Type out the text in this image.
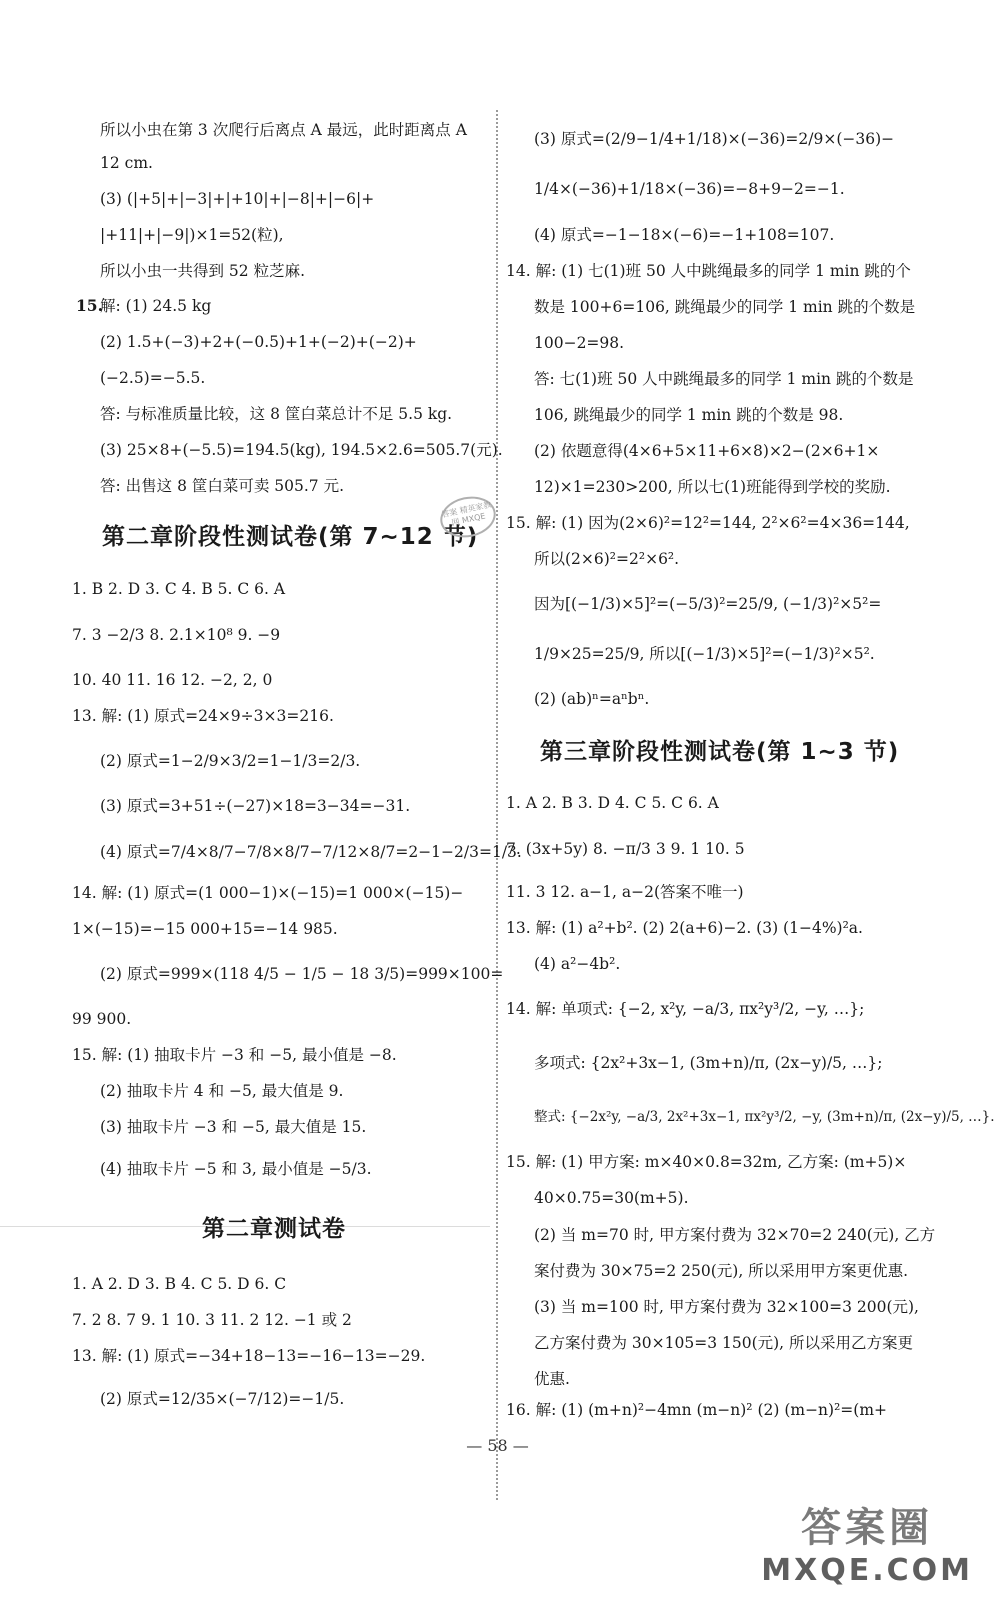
所以小虫在第 3 次爬行后离点 A 最远，此时距离点 A
12 cm.
(3) (|+5|+|−3|+|+10|+|−8|+|−6|+
|+11|+|−9|)×1=52(粒),
所以小虫一共得到 52 粒芝麻.
15.
解: (1) 24.5 kg
(2) 1.5+(−3)+2+(−0.5)+1+(−2)+(−2)+
(−2.5)=−5.5.
答: 与标准质量比较，这 8 筐白菜总计不足 5.5 kg.
(3) 25×8+(−5.5)=194.5(kg), 194.5×2.6=505.7(元).
答: 出售这 8 筐白菜可卖 505.7 元.
第二章阶段性测试卷(第 7~12 节)
1. B 2. D 3. C 4. B 5. C 6. A
7. 3 −2/3 8. 2.1×10⁸ 9. −9
10. 40 11. 16 12. −2, 2, 0
13. 解: (1) 原式=24×9÷3×3=216.
(2) 原式=1−2/9×3/2=1−1/3=2/3.
(3) 原式=3+51÷(−27)×18=3−34=−31.
(4) 原式=7/4×8/7−7/8×8/7−7/12×8/7=2−1−2/3=1/3.
14. 解: (1) 原式=(1 000−1)×(−15)=1 000×(−15)−
1×(−15)=−15 000+15=−14 985.
(2) 原式=999×(118 4/5 − 1/5 − 18 3/5)=999×100=
99 900.
15. 解: (1) 抽取卡片 −3 和 −5, 最小值是 −8.
(2) 抽取卡片 4 和 −5, 最大值是 9.
(3) 抽取卡片 −3 和 −5, 最大值是 15.
(4) 抽取卡片 −5 和 3, 最小值是 −5/3.
第二章测试卷
1. A 2. D 3. B 4. C 5. D 6. C
7. 2 8. 7 9. 1 10. 3 11. 2 12. −1 或 2
13. 解: (1) 原式=−34+18−13=−16−13=−29.
(2) 原式=12/35×(−7/12)=−1/5.
答案 精英家教网 MXQE
(3) 原式=(2/9−1/4+1/18)×(−36)=2/9×(−36)−
1/4×(−36)+1/18×(−36)=−8+9−2=−1.
(4) 原式=−1−18×(−6)=−1+108=107.
14. 解: (1) 七(1)班 50 人中跳绳最多的同学 1 min 跳的个
数是 100+6=106, 跳绳最少的同学 1 min 跳的个数是
100−2=98.
答: 七(1)班 50 人中跳绳最多的同学 1 min 跳的个数是
106, 跳绳最少的同学 1 min 跳的个数是 98.
(2) 依题意得(4×6+5×11+6×8)×2−(2×6+1×
12)×1=230>200, 所以七(1)班能得到学校的奖励.
15. 解: (1) 因为(2×6)²=12²=144, 2²×6²=4×36=144,
所以(2×6)²=2²×6².
因为[(−1/3)×5]²=(−5/3)²=25/9, (−1/3)²×5²=
1/9×25=25/9, 所以[(−1/3)×5]²=(−1/3)²×5².
(2) (ab)ⁿ=aⁿbⁿ.
第三章阶段性测试卷(第 1~3 节)
1. A 2. B 3. D 4. C 5. C 6. A
7. (3x+5y) 8. −π/3 3 9. 1 10. 5
11. 3 12. a−1, a−2(答案不唯一)
13. 解: (1) a²+b². (2) 2(a+6)−2. (3) (1−4%)²a.
(4) a²−4b².
14. 解: 单项式: {−2, x²y, −a/3, πx²y³/2, −y, …};
多项式: {2x²+3x−1, (3m+n)/π, (2x−y)/5, …};
整式: {−2x²y, −a/3, 2x²+3x−1, πx²y³/2, −y, (3m+n)/π, (2x−y)/5, …}.
15. 解: (1) 甲方案: m×40×0.8=32m, 乙方案: (m+5)×
40×0.75=30(m+5).
(2) 当 m=70 时, 甲方案付费为 32×70=2 240(元), 乙方
案付费为 30×75=2 250(元), 所以采用甲方案更优惠.
(3) 当 m=100 时, 甲方案付费为 32×100=3 200(元),
乙方案付费为 30×105=3 150(元), 所以采用乙方案更
优惠.
16. 解: (1) (m+n)²−4mn (m−n)² (2) (m−n)²=(m+
— 58 —
答案圈
MXQE.COM
